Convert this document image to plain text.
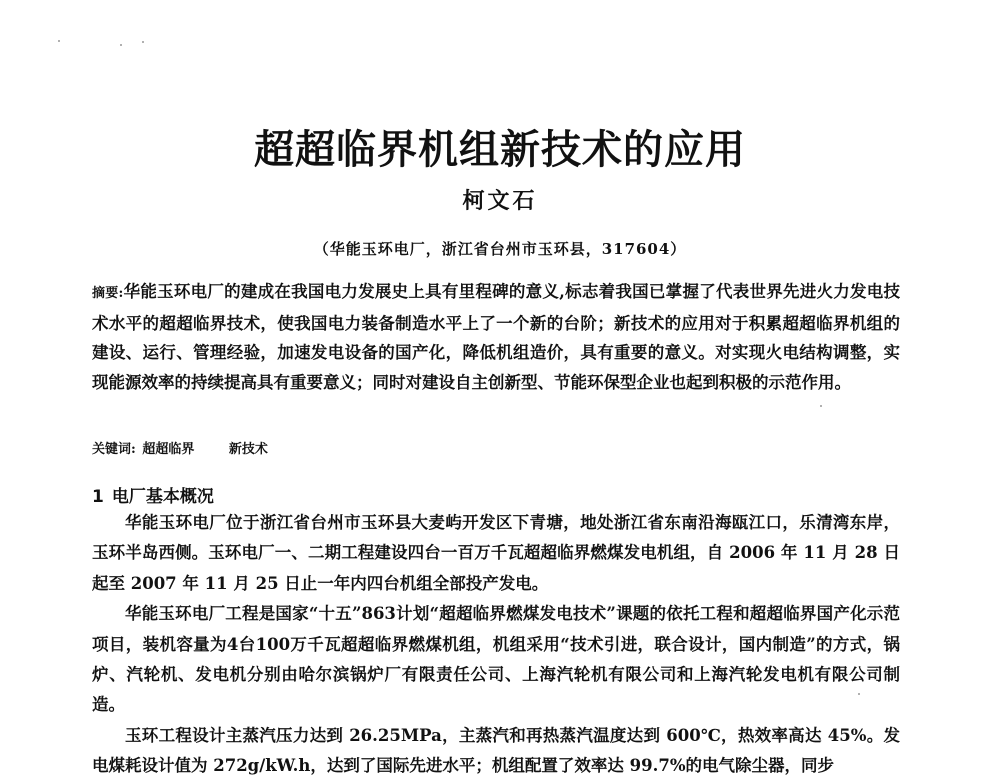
超超临界机组新技术的应用
柯文石
（华能玉环电厂，浙江省台州市玉环县，317604）
摘要:华能玉环电厂的建成在我国电力发展史上具有里程碑的意义,标志着我国已掌握了代表世界先进火力发电技术水平的超超临界技术，使我国电力装备制造水平上了一个新的台阶；新技术的应用对于积累超超临界机组的建设、运行、管理经验，加速发电设备的国产化，降低机组造价，具有重要的意义。对实现火电结构调整，实现能源效率的持续提高具有重要意义；同时对建设自主创新型、节能环保型企业也起到积极的示范作用。
关键词: 超超临界	新技术
1 电厂基本概况

华能玉环电厂位于浙江省台州市玉环县大麦屿开发区下青塘，地处浙江省东南沿海瓯江口，乐清湾东岸，玉环半岛西侧。玉环电厂一、二期工程建设四台一百万千瓦超超临界燃煤发电机组，自 2006 年 11 月 28 日起至 2007 年 11 月 25 日止一年内四台机组全部投产发电。

华能玉环电厂工程是国家“十五”863计划“超超临界燃煤发电技术”课题的依托工程和超超临界国产化示范项目，装机容量为4台100万千瓦超超临界燃煤机组，机组采用“技术引进，联合设计，国内制造”的方式，锅炉、汽轮机、发电机分别由哈尔滨锅炉厂有限责任公司、上海汽轮机有限公司和上海汽轮发电机有限公司制造。

玉环工程设计主蒸汽压力达到 26.25MPa，主蒸汽和再热蒸汽温度达到 600℃，热效率高达 45%。发电煤耗设计值为 272g/kW.h，达到了国际先进水平；机组配置了效率达 99.7%的电气除尘器，同步
